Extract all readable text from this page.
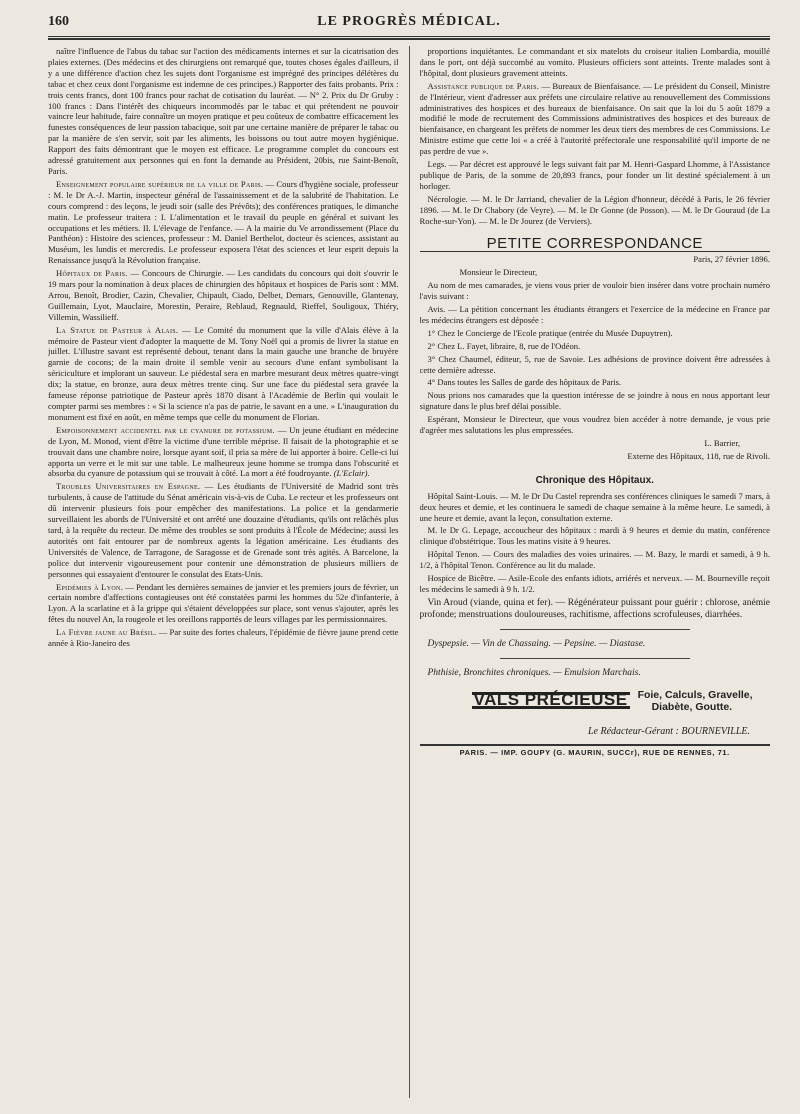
160	LE PROGRÈS MÉDICAL.

naître l'influence de l'abus du tabac sur l'action des médicaments internes et sur la cicatrisation des plaies externes. (Des médecins et des chirurgiens ont remarqué que, toutes choses égales d'ailleurs, il y a une différence d'action chez les sujets dont l'organisme est imprégné des principes délétères du tabac et chez ceux dont l'organisme est indemne de ces principes.) Rapporter des faits probants. Prix : trois cents francs, dont 100 francs pour rachat de cotisation du lauréat. — N° 2. Prix du Dr Gruby : 100 francs : Dans l'intérêt des chiqueurs incommodés par le tabac et qui prétendent ne pouvoir vaincre leur habitude, faire connaître un moyen pratique et peu coûteux de combattre efficacement les funestes conséquences de leur passion tabacique, soit par une certaine manière de préparer le tabac ou par la manière de s'en servir, soit par les aliments, les boissons ou tout autre moyen hygiénique. Rapport des faits démontrant que le moyen est efficace. Le programme complet du concours est adressé gratuitement aux personnes qui en font la demande au Président, 20bis, rue Saint-Benoît, Paris.

Enseignement populaire supérieur de la ville de Paris. — Cours d'hygiène sociale, professeur : M. le Dr A.-J. Martin, inspecteur général de l'assainissement et de la salubrité de l'habitation. Le cours comprend : des leçons, le jeudi soir (salle des Prévôts); des conférences pratiques, le dimanche matin. Le professeur traitera : I. L'alimentation et le travail du peuple en général et suivant les occupations et les métiers. II. L'élevage de l'enfance. — A la mairie du Ve arrondissement (Place du Panthéon) : Histoire des sciences, professeur : M. Daniel Berthelot, docteur ès sciences, assistant au Muséum, les lundis et mercredis. Le professeur exposera l'état des sciences et leur esprit depuis la Renaissance jusqu'à la Révolution française.

Hôpitaux de Paris. — Concours de Chirurgie. — Les candidats du concours qui doit s'ouvrir le 19 mars pour la nomination à deux places de chirurgien des hôpitaux et hospices de Paris sont : MM. Arrou, Benoît, Brodier, Cazin, Chevalier, Chipault, Ciado, Delbet, Demars, Genouville, Glantenay, Guillemain, Lyot, Mauclaire, Morestin, Peraire, Reblaud, Regnauld, Rieffel, Souligoux, Thiéry, Villemin, Wassilieff.

La Statue de Pasteur à Alais. — Le Comité du monument que la ville d'Alais élève à la mémoire de Pasteur vient d'adopter la maquette de M. Tony Noël qui a promis de livrer la statue en juillet. L'illustre savant est représenté debout, tenant dans la main gauche une branche de bruyère garnie de cocons; de la main droite il semble venir au secours d'une enfant symbolisant la sériciculture et implorant un sauveur. Le piédestal sera en marbre mesurant deux mètres quatre-vingt dix; la statue, en bronze, aura deux mètres trente cinq. Sur une face du piédestal sera gravée la fameuse réponse patriotique de Pasteur après 1870 disant à l'Académie de Berlin qui voulait le compter parmi ses membres : « Si la science n'a pas de patrie, le savant en a une. » L'inauguration du monument est fixé en août, en même temps que celle du monument de Florian.

Empoisonnement accidentel par le cyanure de potassium. — Un jeune étudiant en médecine de Lyon, M. Monod, vient d'être la victime d'une terrible méprise. Il faisait de la photographie et se trouvait dans une chambre noire, lorsque ayant soif, il pria sa mère de lui apporter à boire. Celle-ci lui apporta un verre et le mit sur une table. Le malheureux jeune homme se trompa dans l'obscurité et absorba du cyanure de potassium qui se trouvait à côté. La mort a été foudroyante. (L'Eclair).

Troubles Universitaires en Espagne. — Les étudiants de l'Université de Madrid sont très turbulents, à cause de l'attitude du Sénat américain vis-à-vis de Cuba. Le recteur et les professeurs ont dû intervenir plusieurs fois pour empêcher des manifestations. La police et la gendarmerie surveillaient les abords de l'Université et ont arrêté une douzaine d'étudiants, qu'ils ont relâchés plus tard, à la requête du recteur. De même des troubles se sont produits à l'École de Médecine; aussi les autorités ont fait entourer par de nombreux agents la légation américaine. Les étudiants des Universités de Valence, de Tarragone, de Saragosse et de Grenade sont très agités. A Barcelone, la police dut intervenir vigoureusement pour contenir une démonstration de plusieurs milliers de personnes qui essayaient d'entourer le consulat des Etats-Unis.

Epidémies à Lyon. — Pendant les dernières semaines de janvier et les premiers jours de février, un certain nombre d'affections contagieuses ont été constatées parmi les hommes du 52e d'infanterie, à Lyon. A la scarlatine et à la grippe qui s'étaient développées sur place, sont venus s'ajouter, après les fêtes du nouvel An, la rougeole et les oreillons rapportés de leurs villages par les permissionnaires.

La Fièvre jaune au Brésil. — Par suite des fortes chaleurs, l'épidémie de fièvre jaune prend cette année à Rio-Janeiro des

proportions inquiétantes. Le commandant et six matelots du croiseur italien Lombardia, mouillé dans le port, ont déjà succombé au vomito. Plusieurs officiers sont atteints. Trente malades sont à l'hôpital, dont plusieurs gravement atteints.

Assistance publique de Paris. — Bureaux de Bienfaisance. — Le président du Conseil, Ministre de l'Intérieur, vient d'adresser aux préfets une circulaire relative au renouvellement des Commissions administratives des hospices et des bureaux de bienfaisance. On sait que la loi du 5 août 1879 a modifié le mode de recrutement des Commissions administratives des hospices et des bureaux de bienfaisance, en chargeant les préfets de nommer les deux tiers des membres de ces Commissions. Le Ministre estime que cette loi « a créé à l'autorité préfectorale une responsabilité qu'il importe de ne pas perdre de vue ».

Legs. — Par décret est approuvé le legs suivant fait par M. Henri-Gaspard Lhomme, à l'Assistance publique de Paris, de la somme de 20,893 francs, pour fonder un lit destiné spécialement à un horloger.

Nécrologie. — M. le Dr Jarriand, chevalier de la Légion d'honneur, décédé à Paris, le 26 février 1896. — M. le Dr Chabory (de Veyre). — M. le Dr Gonne (de Posson). — M. le Dr Gouraud (de La Roche-sur-Yon). — M. le Dr Jourez (de Verviers).

PETITE CORRESPONDANCE

Paris, 27 février 1896.

Monsieur le Directeur,

Au nom de mes camarades, je viens vous prier de vouloir bien insérer dans votre prochain numéro l'avis suivant :

Avis. — La pétition concernant les étudiants étrangers et l'exercice de la médecine en France par les médecins étrangers est déposée :

1° Chez le Concierge de l'Ecole pratique (entrée du Musée Dupuytren).

2° Chez L. Fayet, libraire, 8, rue de l'Odéon.

3° Chez Chaumel, éditeur, 5, rue de Savoie. Les adhésions de province doivent être adressées à cette dernière adresse.

4° Dans toutes les Salles de garde des hôpitaux de Paris.

Nous prions nos camarades que la question intéresse de se joindre à nous en nous apportant leur signature dans le plus bref délai possible.

Espérant, Monsieur le Directeur, que vous voudrez bien accéder à notre demande, je vous prie d'agréer mes salutations les plus empressées.

L. Barrier,

Externe des Hôpitaux, 118, rue de Rivoli.

Chronique des Hôpitaux.

Hôpital Saint-Louis. — M. le Dr Du Castel reprendra ses conférences cliniques le samedi 7 mars, à deux heures et demie, et les continuera le samedi de chaque semaine à la même heure. Le samedi, à une heure et demie, avant la leçon, consultation externe.

M. le Dr G. Lepage, accoucheur des hôpitaux : mardi à 9 heures et demie du matin, conférence clinique d'obstétrique. Tous les matins visite à 9 heures.

Hôpital Tenon. — Cours des maladies des voies urinaires. — M. Bazy, le mardi et samedi, à 9 h. 1/2, à l'hôpital Tenon. Conférence au lit du malade.

Hospice de Bicêtre. — Asile-Ecole des enfants idiots, arriérés et nerveux. — M. Bourneville reçoit les médecins le samedi à 9 h. 1/2.

Vin Aroud (viande, quina et fer). — Régénérateur puissant pour guérir : chlorose, anémie profonde; menstruations douloureuses, rachitisme, affections scrofuleuses, diarrhées.

Dyspepsie. — Vin de Chassaing. — Pepsine. — Diastase.

Phthisie, Bronchites chroniques. — Emulsion Marchais.

VALS PRÉCIEUSE Foie, Calculs, Gravelle,
Diabète, Goutte.
Le Rédacteur-Gérant : BOURNEVILLE.
PARIS. — IMP. GOUPY (G. MAURIN, SUCCr), RUE DE RENNES, 71.
